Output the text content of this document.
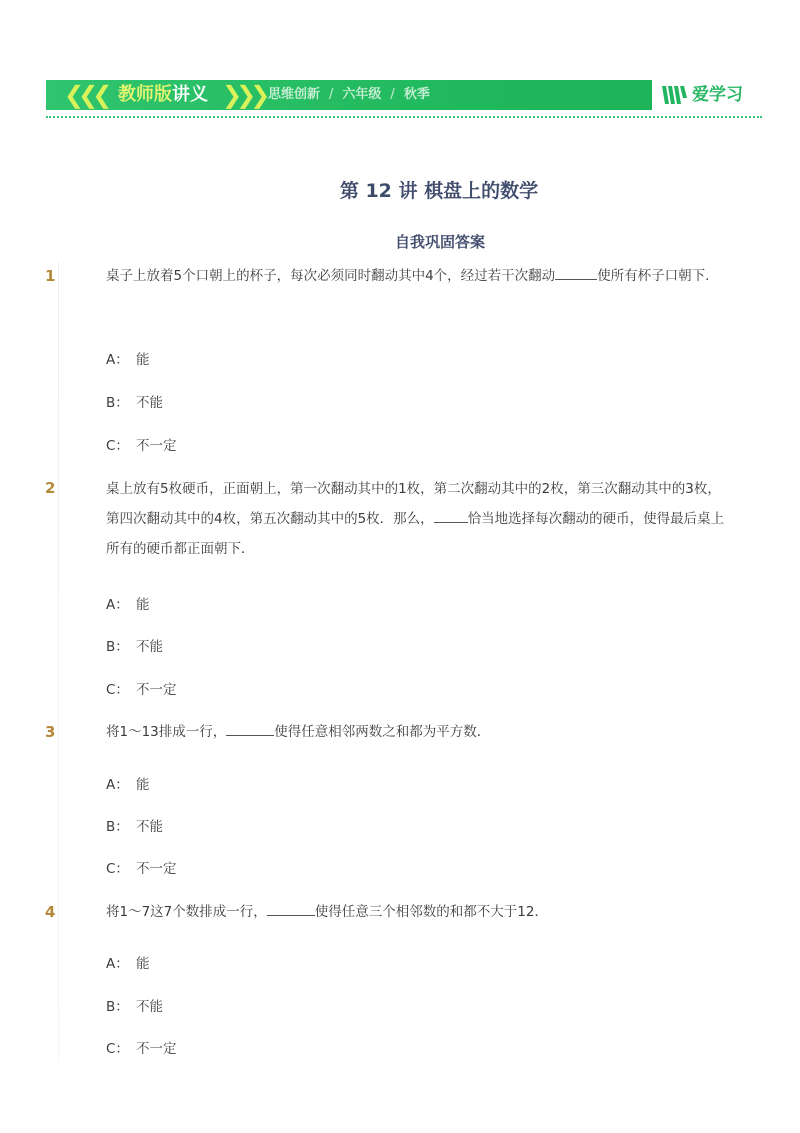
❮❮❮ 教师版讲义 ❯❯❯ 思维创新 / 六年级 / 秋季	爱学习
第 12 讲 棋盘上的数学
自我巩固答案
1	桌子上放着5个口朝上的杯子，每次必须同时翻动其中4个，经过若干次翻动	使所有杯子口朝下．
A： 能
B： 不能
C： 不一定
2	桌上放有5枚硬币，正面朝上，第一次翻动其中的1枚，第二次翻动其中的2枚，第三次翻动其中的3枚，第四次翻动其中的4枚，第五次翻动其中的5枚．那么，	恰当地选择每次翻动的硬币，使得最后桌上所有的硬币都正面朝下．
A： 能
B： 不能
C： 不一定
3	将1～13排成一行，	使得任意相邻两数之和都为平方数．
A： 能
B： 不能
C： 不一定
4	将1～7这7个数排成一行，	使得任意三个相邻数的和都不大于12．
A： 能
B： 不能
C： 不一定
